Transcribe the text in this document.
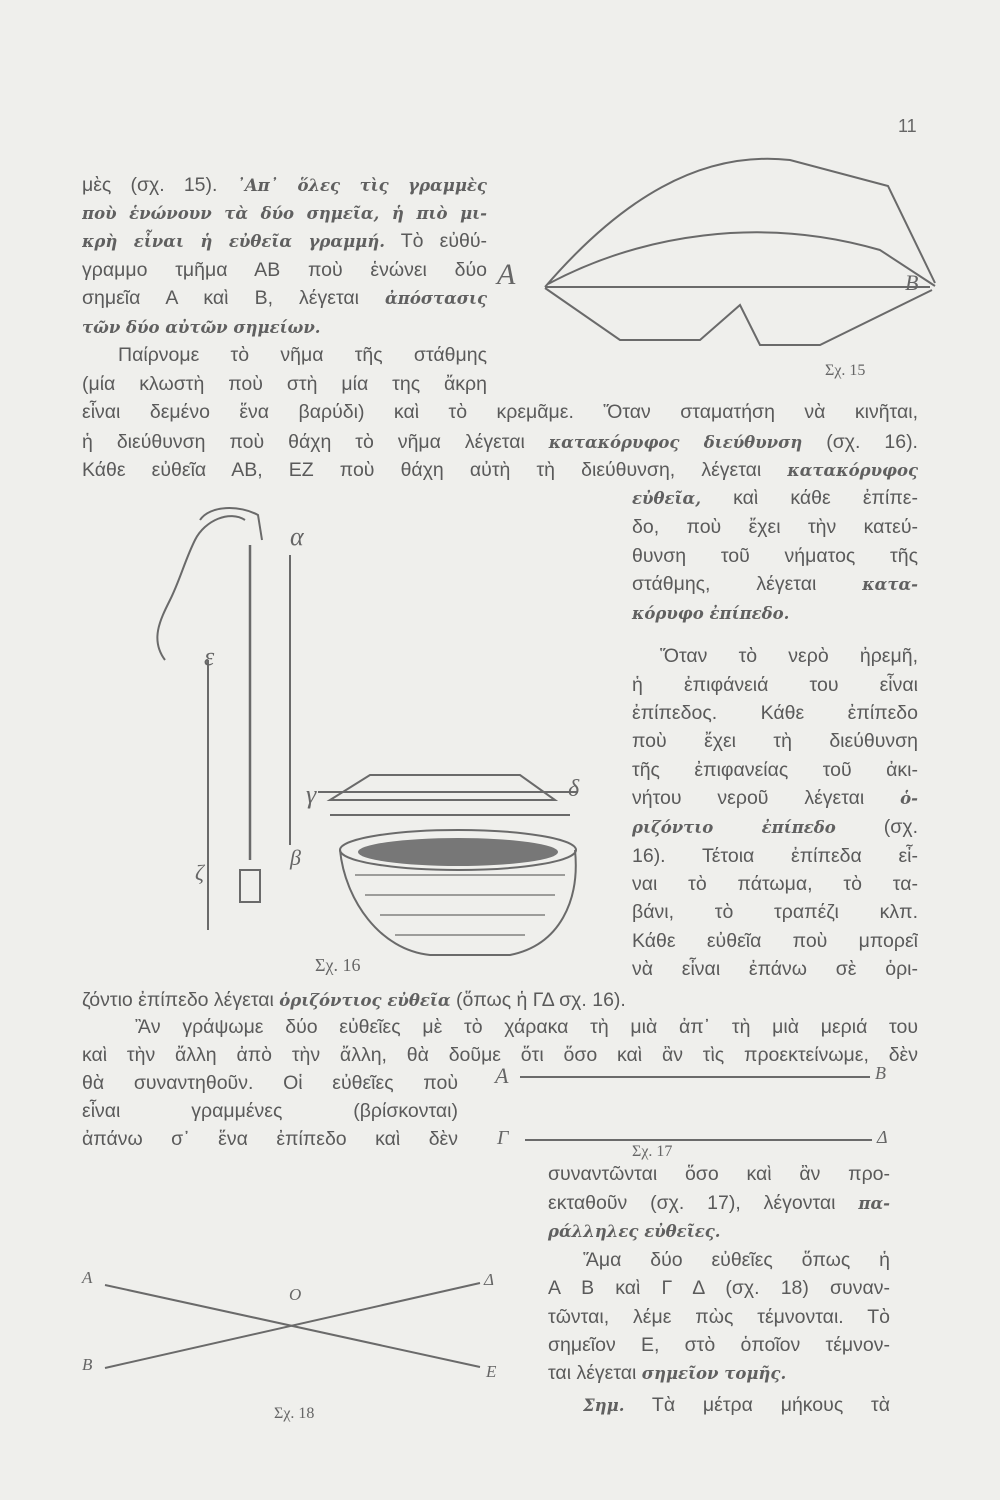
11
μὲς (σχ. 15). ᾿Απ᾿ ὅλες τὶς γραμμὲς
ποὺ ἑνώνουν τὰ δύο σημεῖα, ἡ πιὸ μι-
κρὴ εἶναι ἡ εὐθεῖα γραμμή. Τὸ εὐθύ-
γραμμο τμῆμα ΑΒ ποὺ ἑνώνει δύο
σημεῖα Α καὶ Β, λέγεται ἀπόστασις
τῶν δύο αὐτῶν σημείων.
Παίρνομε τὸ νῆμα τῆς στάθμης
(μία κλωστὴ ποὺ στὴ μία της ἄκρη
εἶναι δεμένο ἕνα βαρύδι) καὶ τὸ κρεμᾶμε. Ὅταν σταματήση νὰ κινῆται,
ἡ διεύθυνση ποὺ θάχη τὸ νῆμα λέγεται κατακόρυφος διεύθυνση (σχ. 16).
Κάθε εὐθεῖα ΑΒ, ΕΖ ποὺ θάχη αὐτὴ τὴ διεύθυνση, λέγεται κατακόρυφος
εὐθεῖα, καὶ κάθε ἐπίπε-
δο, ποὺ ἔχει τὴν κατεύ-
θυνση τοῦ νήματος τῆς
στάθμης, λέγεται κατα-
κόρυφο ἐπίπεδο.
Ὅταν τὸ νερὸ ἠρεμῆ,
ἡ ἐπιφάνειά του εἶναι
ἐπίπεδος. Κάθε ἐπίπεδο
ποὺ ἔχει τὴ διεύθυνση
τῆς ἐπιφανείας τοῦ ἀκι-
νήτου νεροῦ λέγεται ὁ-
ριζόντιο ἐπίπεδο (σχ.
16). Τέτοια ἐπίπεδα εἶ-
ναι τὸ πάτωμα, τὸ τα-
βάνι, τὸ τραπέζι κλπ.
Κάθε εὐθεῖα ποὺ μπορεῖ
νὰ εἶναι ἐπάνω σὲ ὁρι-
ζόντιο ἐπίπεδο λέγεται ὁριζόντιος εὐθεῖα (ὅπως ἡ ΓΔ σχ. 16).
Ἂν γράψωμε δύο εὐθεῖες μὲ τὸ χάρακα τὴ μιὰ ἀπ᾿ τὴ μιὰ μεριά του
καὶ τὴν ἄλλη ἀπὸ τὴν ἄλλη, θὰ δοῦμε ὅτι ὅσο καὶ ἂν τὶς προεκτείνωμε, δὲν
θὰ συναντηθοῦν. Οἱ εὐθεῖες ποὺ
εἶναι γραμμένες (βρίσκονται)
ἀπάνω σ᾿ ἕνα ἐπίπεδο καὶ δὲν
συναντῶνται ὅσο καὶ ἂν προ-
εκταθοῦν (σχ. 17), λέγονται πα-
ράλληλες εὐθεῖες.
Ἅμα δύο εὐθεῖες ὅπως ἡ
Α Β καὶ Γ Δ (σχ. 18) συναν-
τῶνται, λέμε πὼς τέμνονται. Τὸ
σημεῖον Ε, στὸ ὁποῖον τέμνον-
ται λέγεται σημεῖον τομῆς.
Σημ. Τὰ μέτρα μήκους τὰ
A	B
Σχ. 15
α
ε
γ	δ
β
ζ
Σχ. 16
A	B
Γ	Δ
Σχ. 17
A	Δ
O
B	E
Σχ. 18
